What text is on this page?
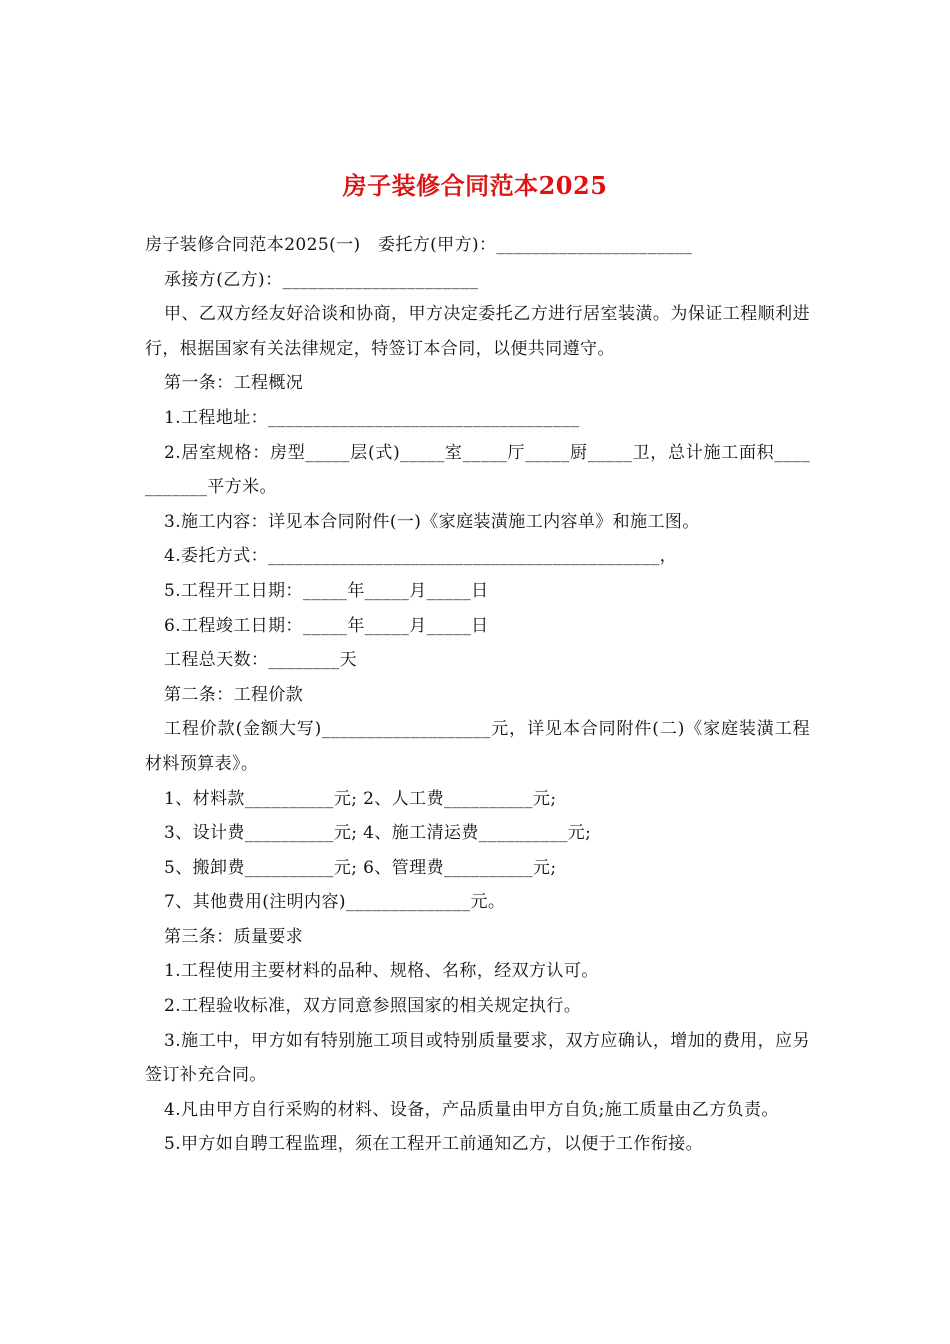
房子装修合同范本2025

房子装修合同范本2025(一)   委托方(甲方)：______________________

承接方(乙方)：______________________

甲、乙双方经友好洽谈和协商，甲方决定委托乙方进行居室装潢。为保证工程顺利进行，根据国家有关法律规定，特签订本合同，以便共同遵守。

第一条：工程概况

1.工程地址：___________________________________

2.居室规格：房型_____层(式)_____室_____厅_____厨_____卫，总计施工面积___________平方米。

3.施工内容：详见本合同附件(一)《家庭装潢施工内容单》和施工图。

4.委托方式：____________________________________________，

5.工程开工日期：_____年_____月_____日

6.工程竣工日期：_____年_____月_____日

工程总天数：________天

第二条：工程价款

工程价款(金额大写)___________________元，详见本合同附件(二)《家庭装潢工程材料预算表》。

1、材料款__________元; 2、人工费__________元;

3、设计费__________元; 4、施工清运费__________元;

5、搬卸费__________元; 6、管理费__________元;

7、其他费用(注明内容)______________元。

第三条：质量要求

1.工程使用主要材料的品种、规格、名称，经双方认可。

2.工程验收标准，双方同意参照国家的相关规定执行。

3.施工中，甲方如有特别施工项目或特别质量要求，双方应确认，增加的费用，应另签订补充合同。

4.凡由甲方自行采购的材料、设备，产品质量由甲方自负;施工质量由乙方负责。

5.甲方如自聘工程监理，须在工程开工前通知乙方，以便于工作衔接。
